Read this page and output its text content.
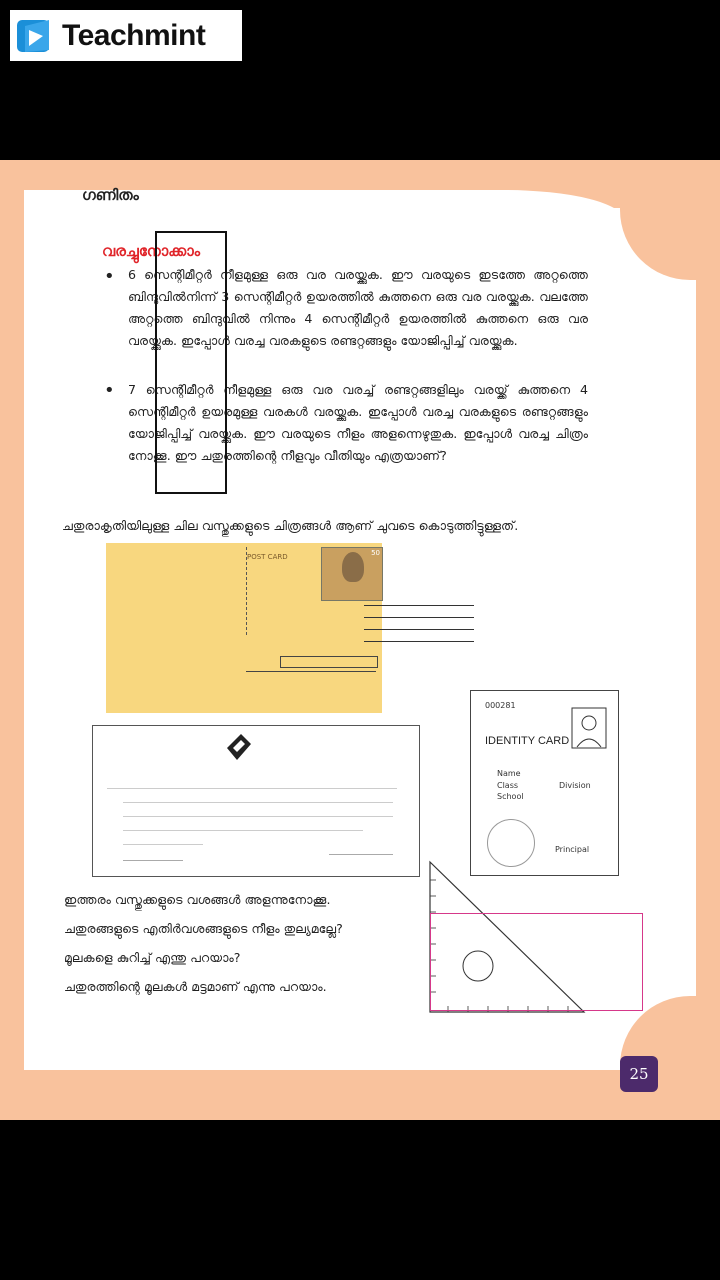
Teachmint
ഗണിതം
വരച്ചുനോക്കാം
• 6 സെന്റിമീറ്റർ നീളമുള്ള ഒരു വര വരയ്ക്കുക. ഈ വരയുടെ ഇടത്തേ അറ്റത്തെ ബിന്ദുവിൽനിന്ന് 3 സെന്റിമീറ്റർ ഉയരത്തിൽ കുത്തനെ ഒരു വര വരയ്ക്കുക. വലത്തേ അറ്റത്തെ ബിന്ദുവിൽ നിന്നും 4 സെന്റിമീറ്റർ ഉയരത്തിൽ കുത്തനെ ഒരു വര വരയ്ക്കുക. ഇപ്പോൾ വരച്ച വരകളുടെ രണ്ടറ്റങ്ങളും യോജിപ്പിച്ച് വരയ്ക്കുക.
• 7 സെന്റിമീറ്റർ നീളമുള്ള ഒരു വര വരച്ച് രണ്ടറ്റങ്ങളിലും വരയ്ക്ക് കുത്തനെ 4 സെന്റിമീറ്റർ ഉയരമുള്ള വരകൾ വരയ്ക്കുക. ഇപ്പോൾ വരച്ച വരകളുടെ രണ്ടറ്റങ്ങളും യോജിപ്പിച്ച് വരയ്ക്കുക. ഈ വരയുടെ നീളം അളന്നെഴുതുക. ഇപ്പോൾ വരച്ച ചിത്രം നോക്കൂ. ഈ ചതുരത്തിന്റെ നീളവും വീതിയും എത്രയാണ്?
ചതുരാകൃതിയിലുള്ള ചില വസ്തുക്കളുടെ ചിത്രങ്ങൾ ആണ് ചുവടെ കൊടുത്തിട്ടുള്ളത്.
50
POST CARD
000281
IDENTITY CARD
Name
Class	Division
School
Principal
ഇത്തരം വസ്തുക്കളുടെ വശങ്ങൾ അളന്നുനോക്കൂ.
ചതുരങ്ങളുടെ എതിർവശങ്ങളുടെ നീളം തുല്യമല്ലേ?
മൂലകളെ കുറിച്ച് എന്തു പറയാം?
ചതുരത്തിന്റെ മൂലകൾ മട്ടമാണ് എന്നു പറയാം.
25
